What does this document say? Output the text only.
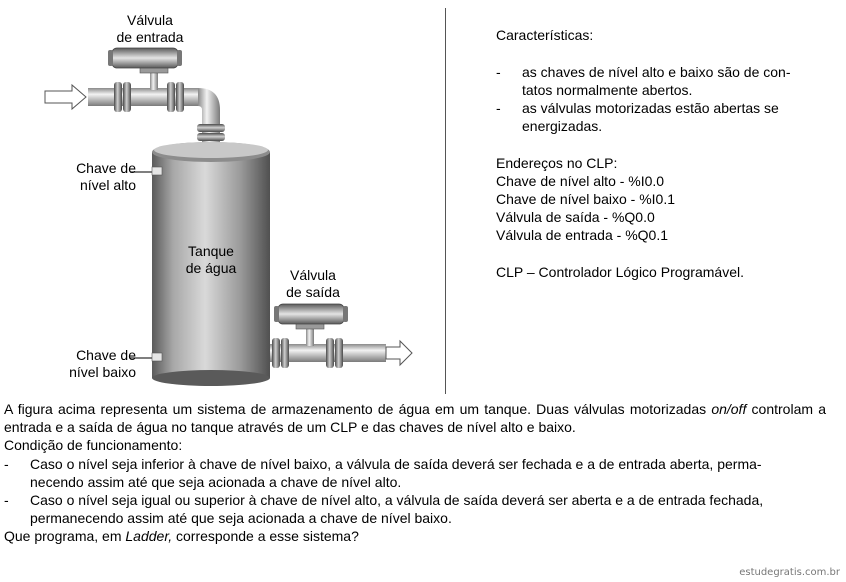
Válvula
de entrada
Chave de
nível alto
Tanque
de água	Válvula
de saída
Chave de
nível baixo
Características:
- as chaves de nível alto e baixo são de con-
tatos normalmente abertos.
- as válvulas motorizadas estão abertas se
energizadas.
Endereços no CLP:
Chave de nível alto - %I0.0
Chave de nível baixo - %I0.1
Válvula de saída - %Q0.0
Válvula de entrada - %Q0.1
CLP – Controlador Lógico Programável.
A figura acima representa um sistema de armazenamento de água em um tanque. Duas válvulas motorizadas on/off controlam a entrada e a saída de água no tanque através de um CLP e das chaves de nível alto e baixo.
Condição de funcionamento:
- Caso o nível seja inferior à chave de nível baixo, a válvula de saída deverá ser fechada e a de entrada aberta, perma-
necendo assim até que seja acionada a chave de nível alto.
- Caso o nível seja igual ou superior à chave de nível alto, a válvula de saída deverá ser aberta e a de entrada fechada,
permanecendo assim até que seja acionada a chave de nível baixo.
Que programa, em Ladder, corresponde a esse sistema?
estudegratis.com.br
